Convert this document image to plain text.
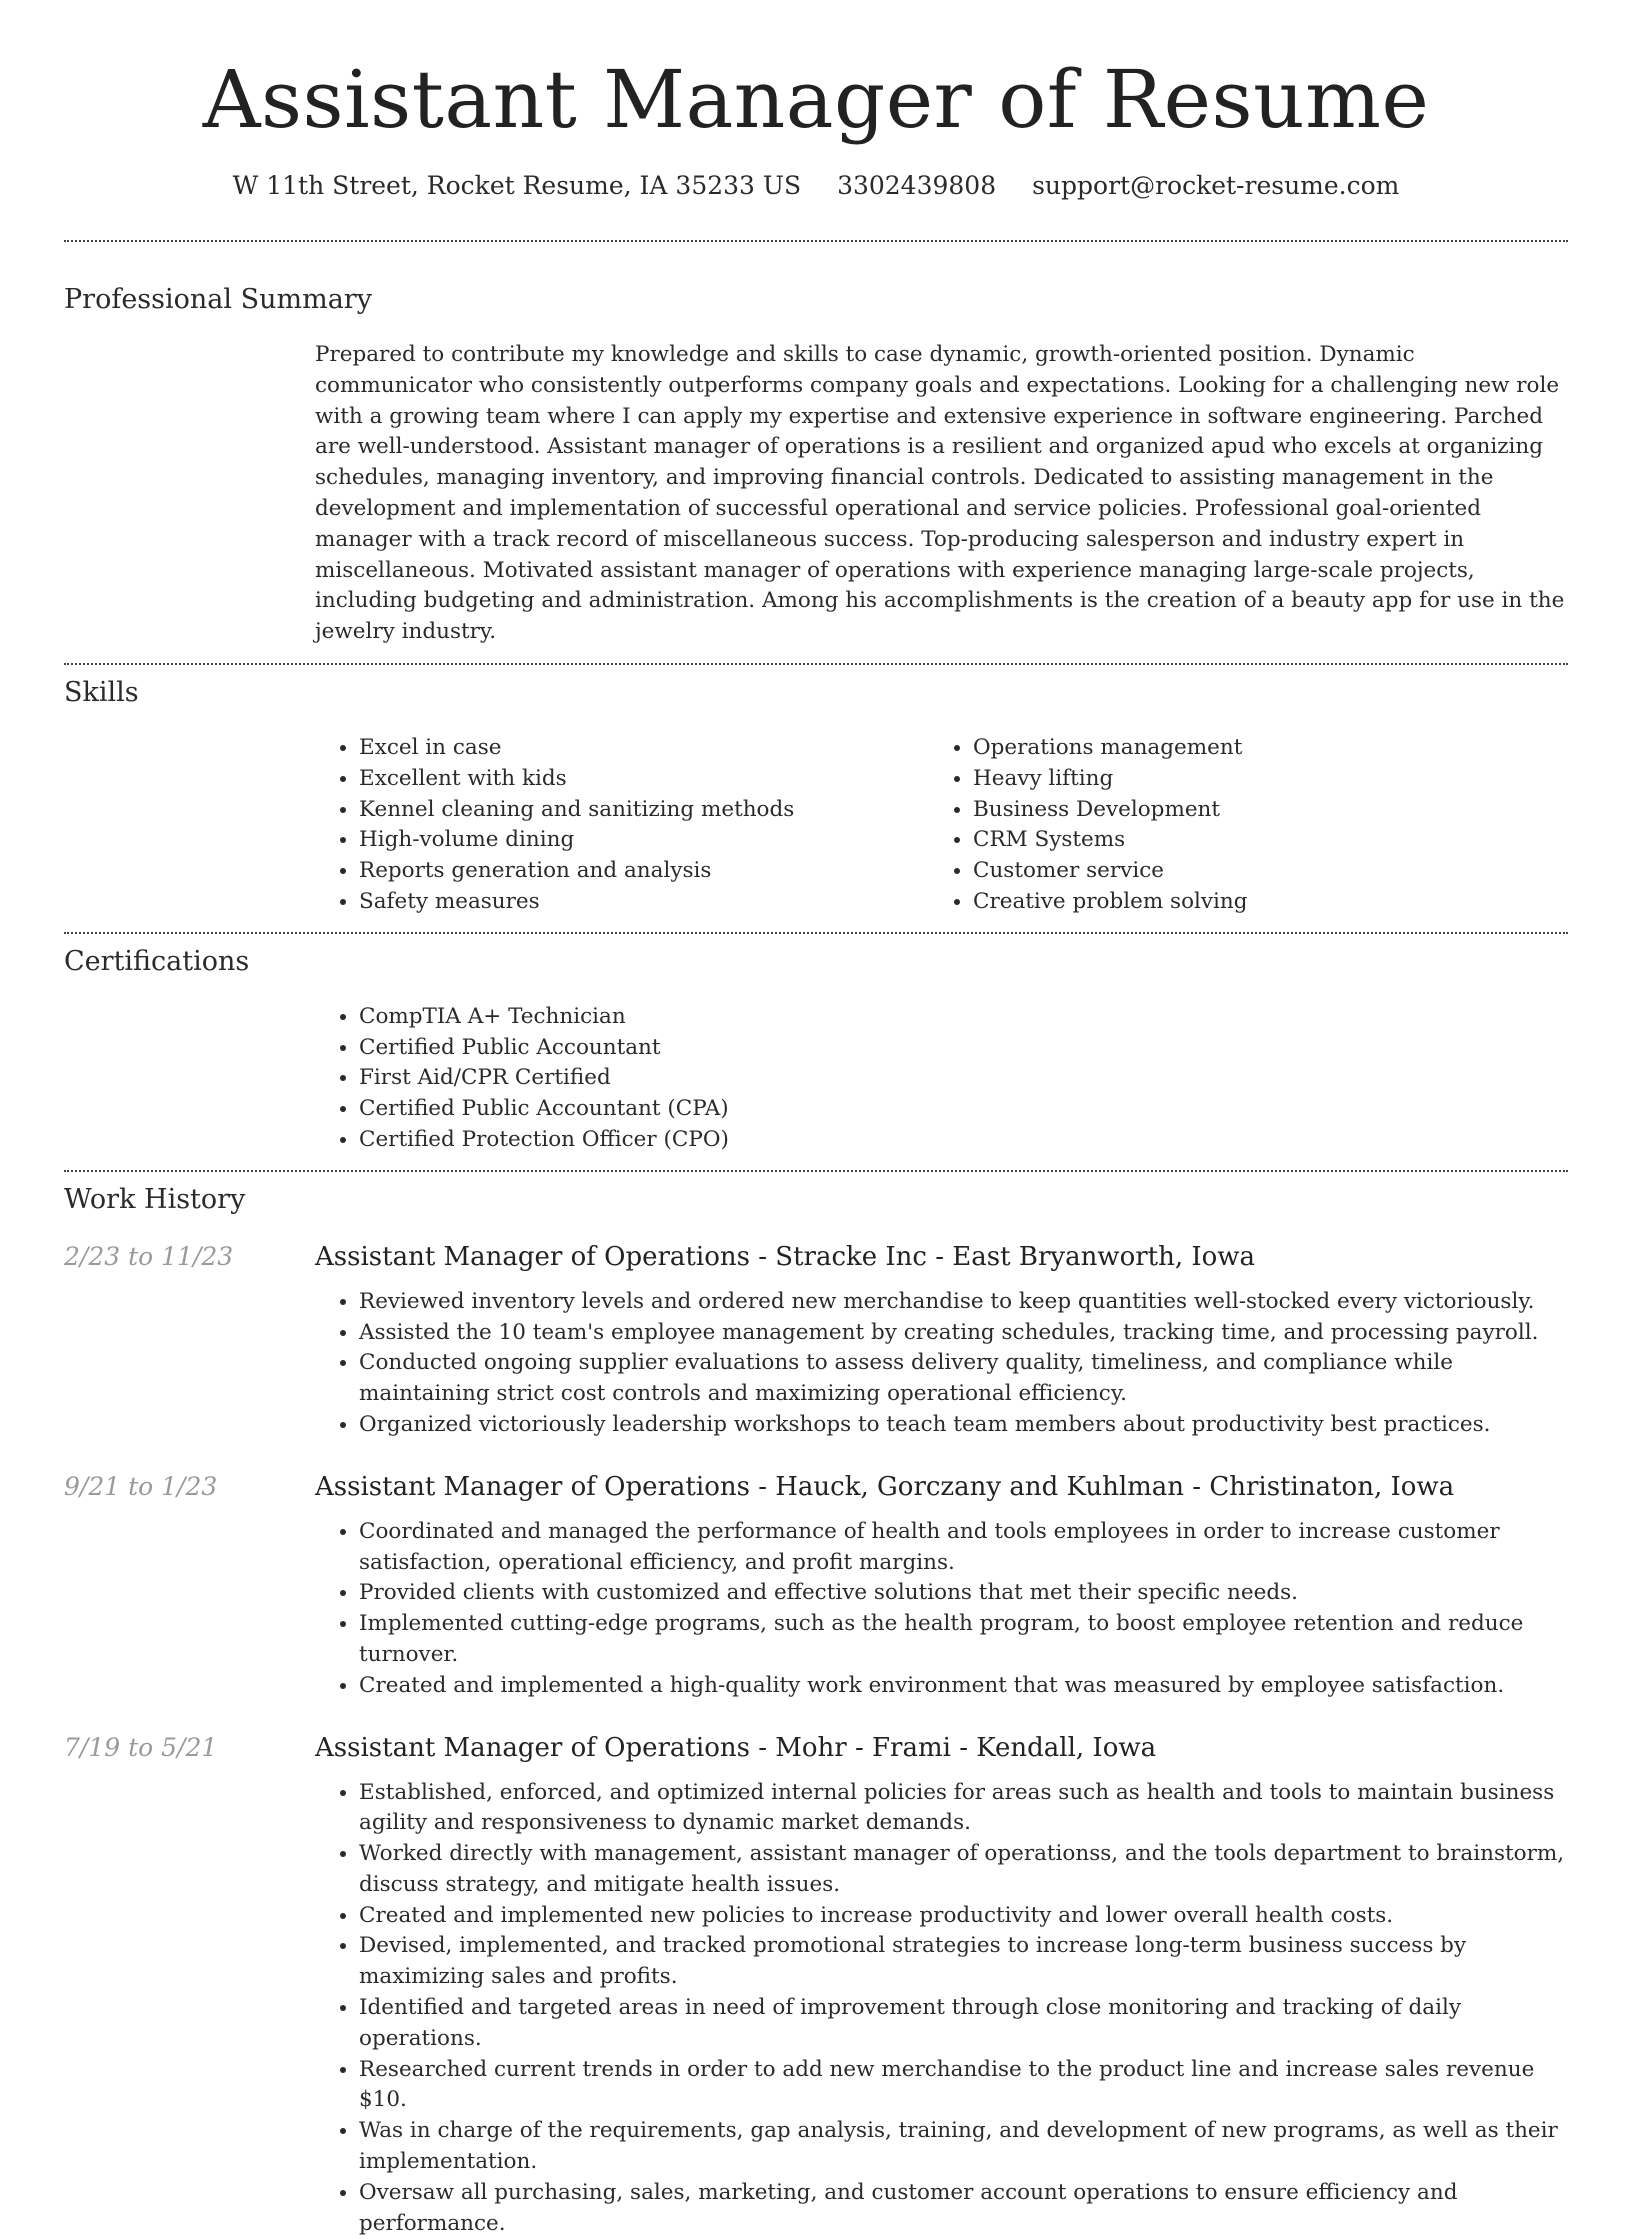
Assistant Manager of Resume
W 11th Street, Rocket Resume, IA 35233 US 3302439808 support@rocket-resume.com
Professional Summary
Prepared to contribute my knowledge and skills to case dynamic, growth-oriented position. Dynamic communicator who consistently outperforms company goals and expectations. Looking for a challenging new role with a growing team where I can apply my expertise and extensive experience in software engineering. Parched are well-understood. Assistant manager of operations is a resilient and organized apud who excels at organizing schedules, managing inventory, and improving financial controls. Dedicated to assisting management in the development and implementation of successful operational and service policies. Professional goal-oriented manager with a track record of miscellaneous success. Top-producing salesperson and industry expert in miscellaneous. Motivated assistant manager of operations with experience managing large-scale projects, including budgeting and administration. Among his accomplishments is the creation of a beauty app for use in the jewelry industry.
Skills
• Excel in case
• Excellent with kids
• Kennel cleaning and sanitizing methods
• High-volume dining
• Reports generation and analysis
• Safety measures
• Operations management
• Heavy lifting
• Business Development
• CRM Systems
• Customer service
• Creative problem solving
Certifications
• CompTIA A+ Technician
• Certified Public Accountant
• First Aid/CPR Certified
• Certified Public Accountant (CPA)
• Certified Protection Officer (CPO)
Work History
2/23 to 11/23	Assistant Manager of Operations - Stracke Inc - East Bryanworth, Iowa
• Reviewed inventory levels and ordered new merchandise to keep quantities well-stocked every victoriously.
• Assisted the 10 team's employee management by creating schedules, tracking time, and processing payroll.
• Conducted ongoing supplier evaluations to assess delivery quality, timeliness, and compliance while maintaining strict cost controls and maximizing operational efficiency.
• Organized victoriously leadership workshops to teach team members about productivity best practices.
9/21 to 1/23	Assistant Manager of Operations - Hauck, Gorczany and Kuhlman - Christinaton, Iowa
• Coordinated and managed the performance of health and tools employees in order to increase customer satisfaction, operational efficiency, and profit margins.
• Provided clients with customized and effective solutions that met their specific needs.
• Implemented cutting-edge programs, such as the health program, to boost employee retention and reduce turnover.
• Created and implemented a high-quality work environment that was measured by employee satisfaction.
7/19 to 5/21	Assistant Manager of Operations - Mohr - Frami - Kendall, Iowa
• Established, enforced, and optimized internal policies for areas such as health and tools to maintain business agility and responsiveness to dynamic market demands.
• Worked directly with management, assistant manager of operationss, and the tools department to brainstorm, discuss strategy, and mitigate health issues.
• Created and implemented new policies to increase productivity and lower overall health costs.
• Devised, implemented, and tracked promotional strategies to increase long-term business success by maximizing sales and profits.
• Identified and targeted areas in need of improvement through close monitoring and tracking of daily operations.
• Researched current trends in order to add new merchandise to the product line and increase sales revenue $10.
• Was in charge of the requirements, gap analysis, training, and development of new programs, as well as their implementation.
• Oversaw all purchasing, sales, marketing, and customer account operations to ensure efficiency and performance.
